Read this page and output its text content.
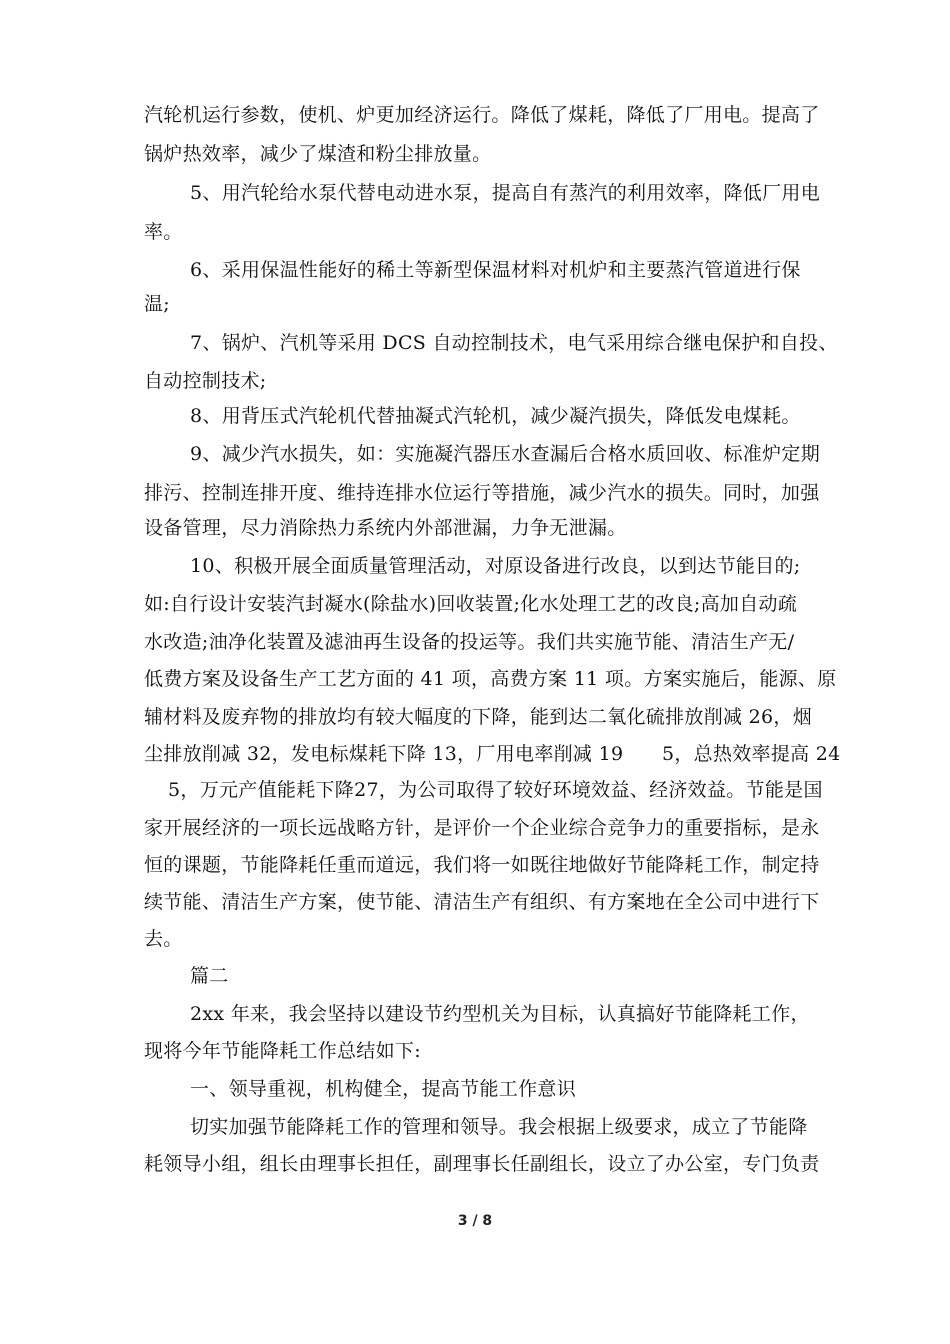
汽轮机运行参数，使机、炉更加经济运行。降低了煤耗，降低了厂用电。提高了
锅炉热效率，减少了煤渣和粉尘排放量。
5、用汽轮给水泵代替电动进水泵，提高自有蒸汽的利用效率，降低厂用电
率。
6、采用保温性能好的稀土等新型保温材料对机炉和主要蒸汽管道进行保
温;
7、锅炉、汽机等采用 DCS 自动控制技术，电气采用综合继电保护和自投、
自动控制技术;
8、用背压式汽轮机代替抽凝式汽轮机，减少凝汽损失，降低发电煤耗。
9、减少汽水损失，如：实施凝汽器压水查漏后合格水质回收、标准炉定期
排污、控制连排开度、维持连排水位运行等措施，减少汽水的损失。同时，加强
设备管理，尽力消除热力系统内外部泄漏，力争无泄漏。
10、积极开展全面质量管理活动，对原设备进行改良，以到达节能目的;
如:自行设计安装汽封凝水(除盐水)回收装置;化水处理工艺的改良;高加自动疏
水改造;油净化装置及滤油再生设备的投运等。我们共实施节能、清洁生产无/
低费方案及设备生产工艺方面的 41 项，高费方案 11 项。方案实施后，能源、原
辅材料及废弃物的排放均有较大幅度的下降，能到达二氧化硫排放削减 26，烟
尘排放削减 32，发电标煤耗下降 13，厂用电率削减 19　　5，总热效率提高 24
5，万元产值能耗下降27，为公司取得了较好环境效益、经济效益。节能是国
家开展经济的一项长远战略方针，是评价一个企业综合竞争力的重要指标，是永
恒的课题，节能降耗任重而道远，我们将一如既往地做好节能降耗工作，制定持
续节能、清洁生产方案，使节能、清洁生产有组织、有方案地在全公司中进行下
去。
篇二
2xx 年来，我会坚持以建设节约型机关为目标，认真搞好节能降耗工作，
现将今年节能降耗工作总结如下:
一、领导重视，机构健全，提高节能工作意识
切实加强节能降耗工作的管理和领导。我会根据上级要求，成立了节能降
耗领导小组，组长由理事长担任，副理事长任副组长，设立了办公室，专门负责
3 / 8
